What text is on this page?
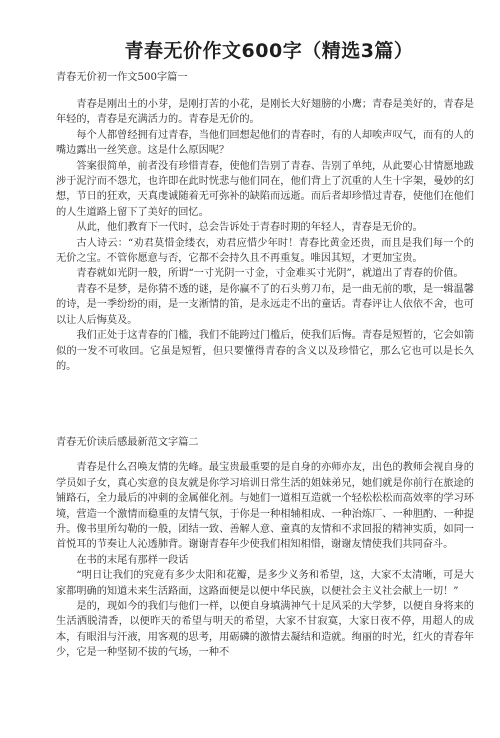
青春无价作文600字（精选3篇）
青春无价初一作文500字篇一

青春是刚出土的小芽，是刚打苦的小花，是刚长大好翅膀的小鹰；青春是美好的，青春是年轻的，青春是充满活力的。青春是无价的。

每个人都曾经拥有过青春，当他们回想起他们的青春时，有的人却唉声叹气，而有的人的嘴边露出一丝笑意。这是什么原因呢？

答案很简单，前者没有珍惜青春，使他们告别了青春、告别了单纯，从此要心甘情愿地跋涉于泥泞而不怨尤，也许即在此时恍悲与他们同在，他们背上了沉重的人生十字架，曼妙的幻想，节日的狂欢，天真虔诚随着无可弥补的缺陷而远逝。而后者却珍惜过青春，使他们在他们的人生道路上留下了美好的回忆。

从此，他们教育下一代时，总会告诉处于青春时期的年轻人，青春是无价的。

古人诗云：“劝君莫惜金缕衣，劝君应惜少年时！青春比黄金还贵，而且是我们每一个的无价之宝。不管你愿意与否，它都不会持久且不再重复。唯因其短，才更加宝贵。

青春就如光阴一般，所谓“一寸光阴一寸金，寸金难买寸光阴”，就道出了青春的价值。

青春不是梦，是你猜不透的谜，是你赢不了的石头剪刀布，是一曲无前的歌，是一辑温馨的诗，是一季纷纷的雨，是一支淅情的笛，是永远走不出的童话。青春评让人依依不舍，也可以让人后悔莫及。

我们正处于这青春的门槛，我们不能跨过门槛后，使我们后悔。青春是短暂的，它会如箭似的一发不可收回。它虽是短暂，但只要懂得青春的含义以及珍惜它，那么它也可以是长久的。

青春无价读后感最新范文字篇二

青春是什么召唤友情的先峰。最宝贵最重要的是自身的亦师亦友，出色的教师会视自身的学员如子女，真心实意的良友就是你学习培训日常生活的姐妹弟兄，她们就是你前行在旅途的铺路石，全力最后的冲刺的金属催化剂。与她们一道相互造就一个轻松松松而高效率的学习环境，营造一个激情而稳重的友情气氛，于你是一种相辅相成、一种治炼厂、一种胆酌、一种提升。像书里所勾勒的一般，团结一致、善解人意、童真的友情和不求回报的精神实质，如同一首悦耳的节奏让人沁透肺背。谢谢青春年少使我们相知相惜，谢谢友情使我们共同奋斗。

在书的末尾有那样一段话

“明日让我们的究竟有多少太阳和花瓣，是多少义务和希望，这，大家不太清晰，可是大家都明确的知道未来生活路面，这路面便是以便中华民族，以便社会主义社会献上一切！”

是的，现如今的我们与他们一样，以便自身填满神气十足风采的大学梦，以便自身将来的生活洒脱清香，以便昨天的希望与明天的希望，大家不甘寂寞，大家日夜不停，用超人的成本，有眼泪与汗液，用客观的思考，用砺磷的激情去凝结和造就。绚丽的时光，红火的青春年少，它是一种坚韧不拔的气场，一种不
